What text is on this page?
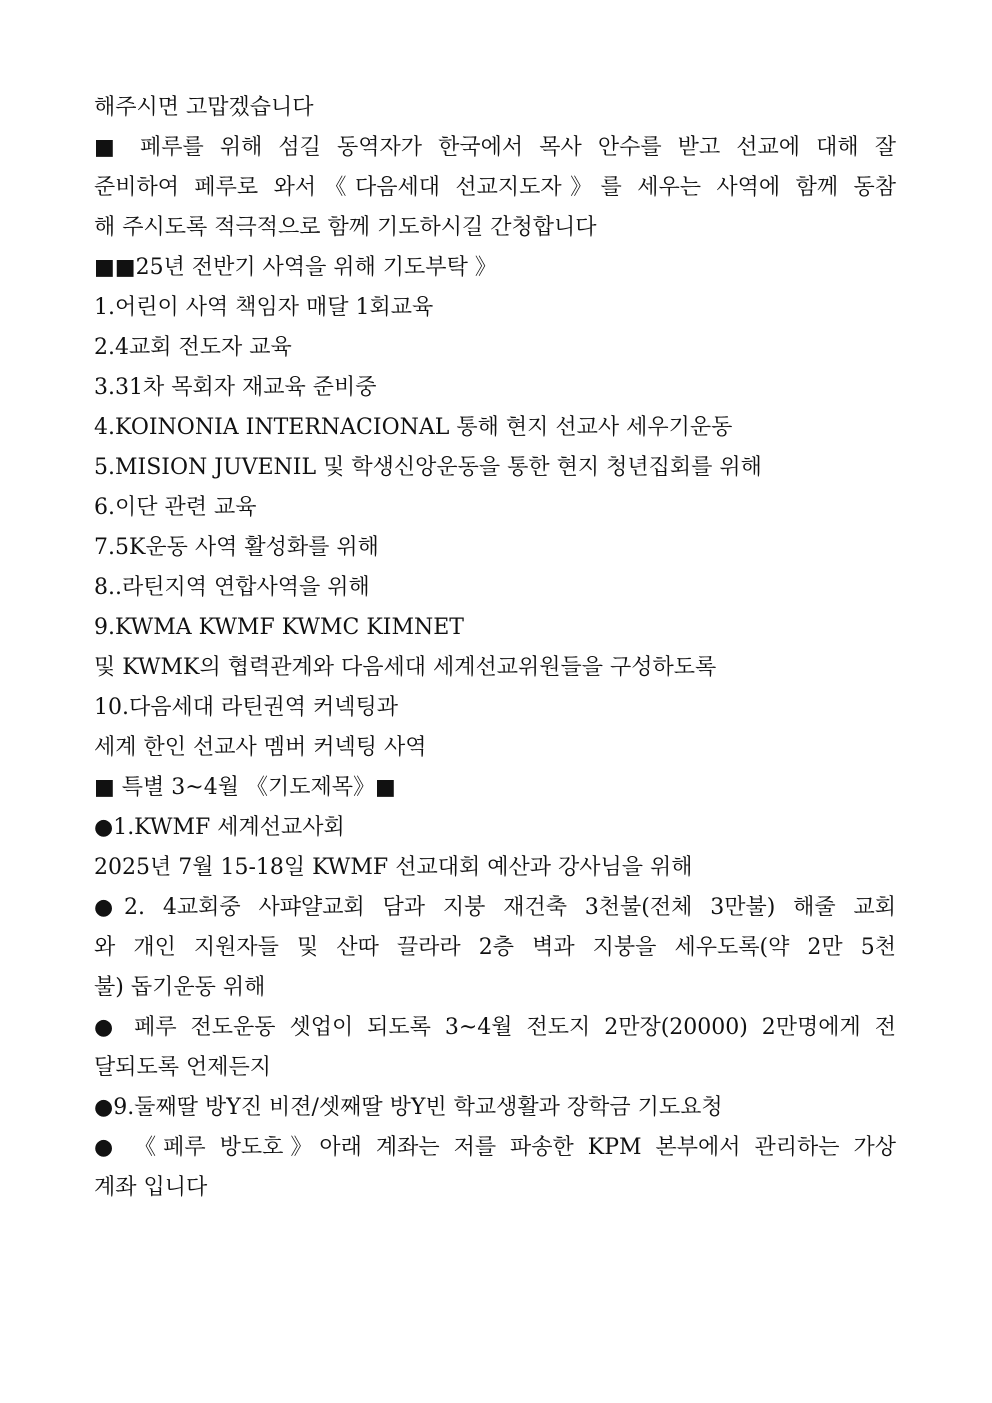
해주시면 고맙겠습니다
■ 페루를 위해 섬길 동역자가 한국에서 목사 안수를 받고 선교에 대해 잘
준비하여 페루로 와서《다음세대 선교지도자》를 세우는 사역에 함께 동참
해 주시도록 적극적으로 함께 기도하시길 간청합니다
■■25년 전반기 사역을 위해 기도부탁 》
1.어린이 사역 책임자 매달 1회교육
2.4교회 전도자 교육
3.31차 목회자 재교육 준비중
4.KOINONIA INTERNACIONAL 통해 현지 선교사 세우기운동
5.MISION JUVENIL 및 학생신앙운동을 통한 현지 청년집회를 위해
6.이단 관련 교육
7.5K운동 사역 활성화를 위해
8..라틴지역 연합사역을 위해
9.KWMA KWMF KWMC KIMNET
및 KWMK의 협력관계와 다음세대 세계선교위원들을 구성하도록
10.다음세대 라틴권역 커넥팅과
세계 한인 선교사 멤버 커넥팅 사역
■ 특별 3~4월 《기도제목》■
●1.KWMF 세계선교사회
2025년 7월 15-18일 KWMF 선교대회 예산과 강사님을 위해
●2. 4교회중 사퍄얄교회 담과 지붕 재건축 3천불(전체 3만불) 해줄 교회
와 개인 지원자들 및 산따 끌라라 2층 벽과 지붕을 세우도록(약 2만 5천
불) 돕기운동 위해
● 페루 전도운동 셋업이 되도록 3~4월 전도지 2만장(20000) 2만명에게 전
달되도록 언제든지
●9.둘째딸 방Y진 비젼/셋째딸 방Y빈 학교생활과 장학금 기도요청
● 《페루 방도호》아래 계좌는 저를 파송한 KPM 본부에서 관리하는 가상
계좌 입니다
